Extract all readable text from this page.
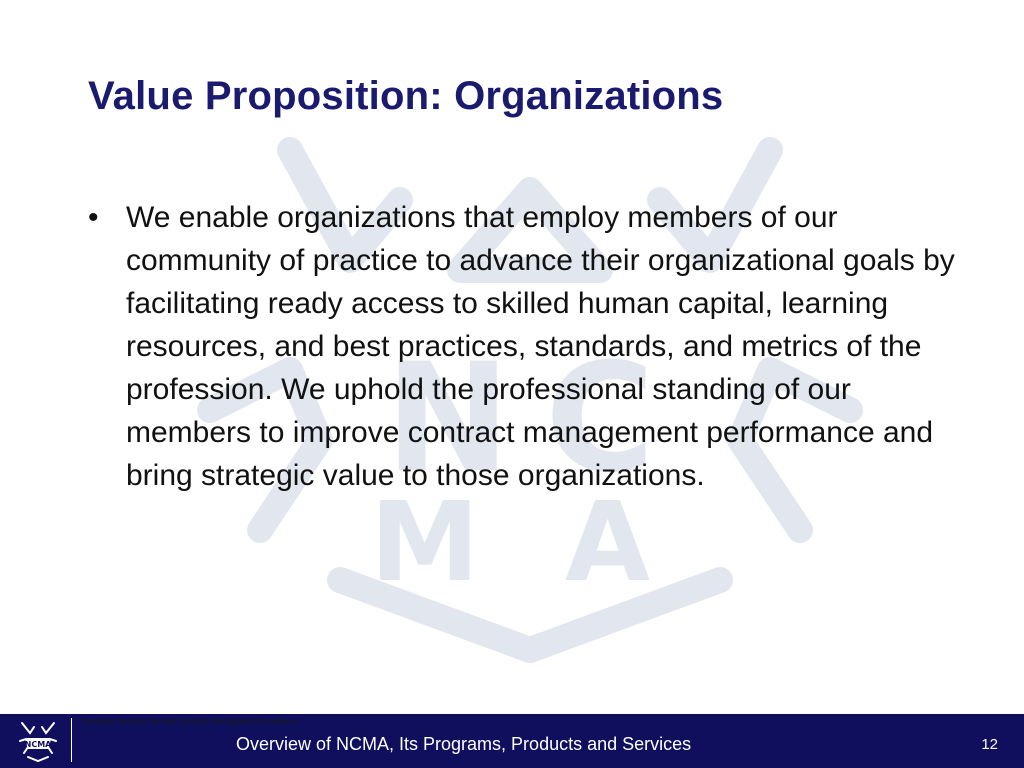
N C
M A
Value Proposition: Organizations
• We enable organizations that employ members of our community of practice to advance their organizational goals by facilitating ready access to skilled human capital, learning resources, and best practices, standards, and metrics of the profession. We uphold the professional standing of our members to improve contract management performance and bring strategic value to those organizations.
NCMA
Business Success through Contract Management Excellence
Overview of NCMA, Its Programs, Products and Services	12
